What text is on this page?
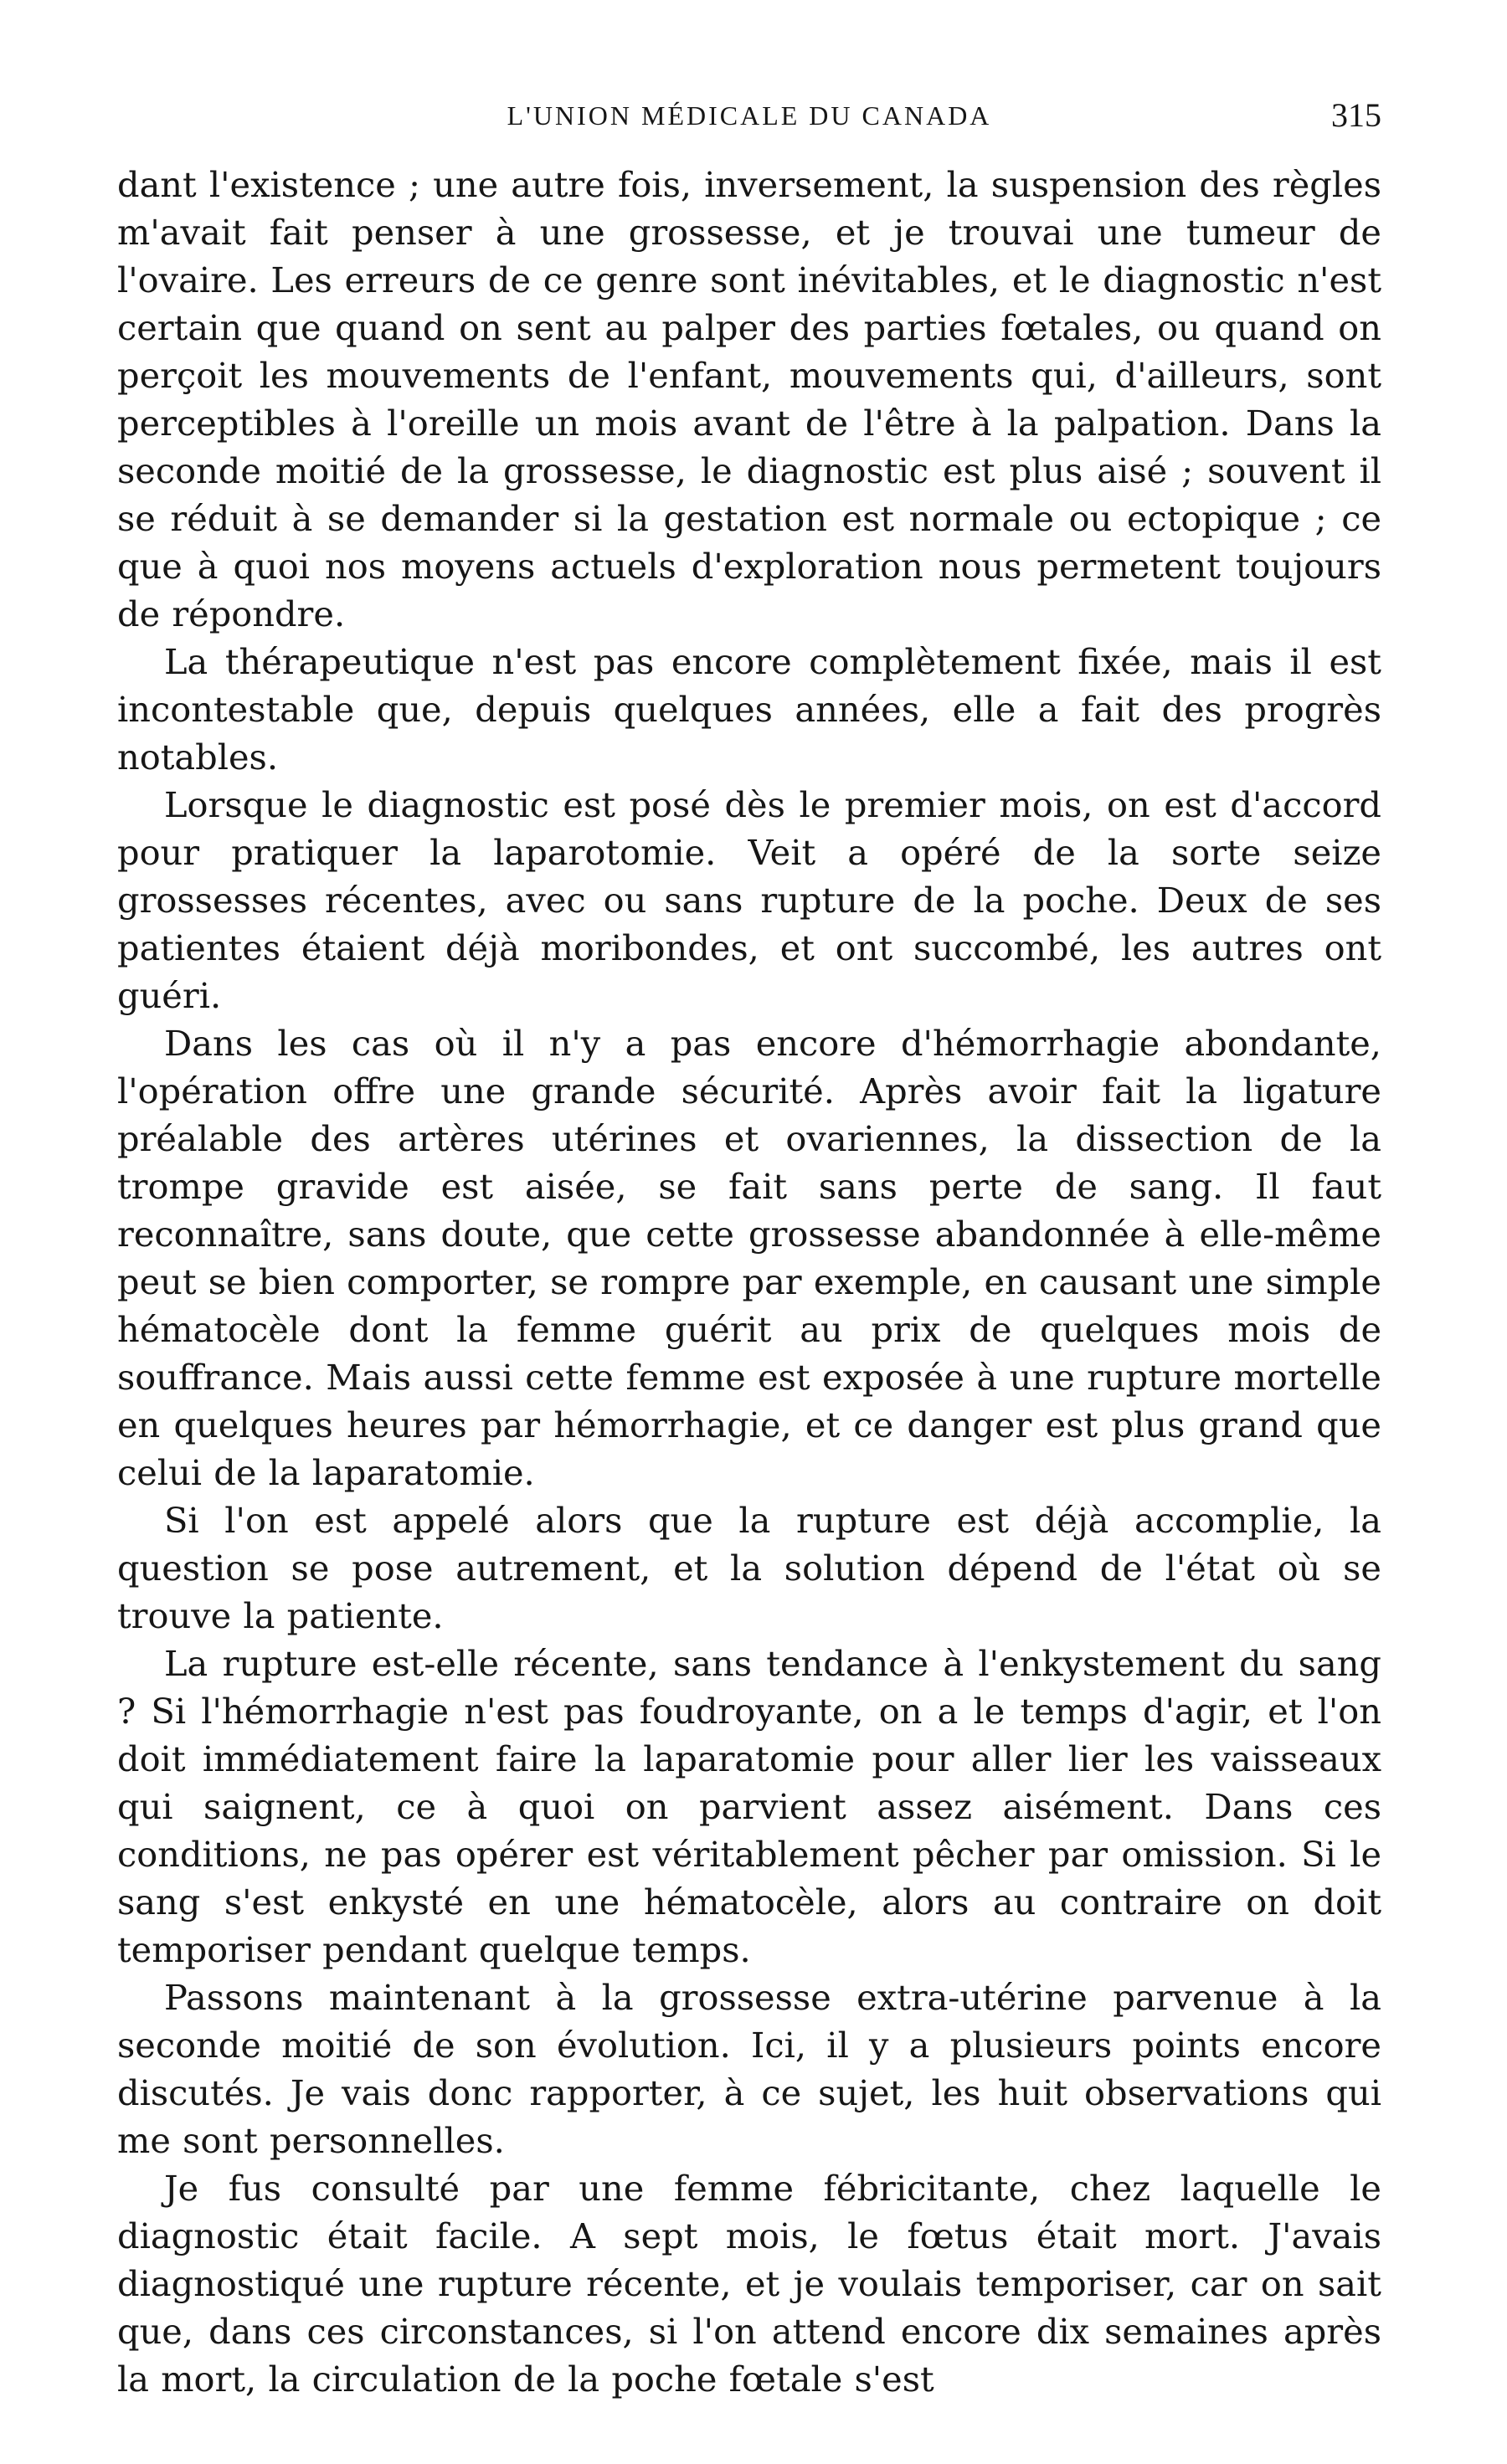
L'UNION MÉDICALE DU CANADA	315

dant l'existence ; une autre fois, inversement, la suspension des règles m'avait fait penser à une grossesse, et je trouvai une tumeur de l'ovaire. Les erreurs de ce genre sont inévitables, et le diagnostic n'est certain que quand on sent au palper des parties fœtales, ou quand on perçoit les mouvements de l'enfant, mouvements qui, d'ailleurs, sont perceptibles à l'oreille un mois avant de l'être à la palpation. Dans la seconde moitié de la grossesse, le diagnostic est plus aisé ; souvent il se réduit à se demander si la gestation est normale ou ectopique ; ce que à quoi nos moyens actuels d'exploration nous permetent toujours de répondre.

La thérapeutique n'est pas encore complètement fixée, mais il est incontestable que, depuis quelques années, elle a fait des progrès notables.

Lorsque le diagnostic est posé dès le premier mois, on est d'accord pour pratiquer la laparotomie. Veit a opéré de la sorte seize grossesses récentes, avec ou sans rupture de la poche. Deux de ses patientes étaient déjà moribondes, et ont succombé, les autres ont guéri.

Dans les cas où il n'y a pas encore d'hémorrhagie abondante, l'opération offre une grande sécurité. Après avoir fait la ligature préalable des artères utérines et ovariennes, la dissection de la trompe gravide est aisée, se fait sans perte de sang. Il faut reconnaître, sans doute, que cette grossesse abandonnée à elle-même peut se bien comporter, se rompre par exemple, en causant une simple hématocèle dont la femme guérit au prix de quelques mois de souffrance. Mais aussi cette femme est exposée à une rupture mortelle en quelques heures par hémorrhagie, et ce danger est plus grand que celui de la laparatomie.

Si l'on est appelé alors que la rupture est déjà accomplie, la question se pose autrement, et la solution dépend de l'état où se trouve la patiente.

La rupture est-elle récente, sans tendance à l'enkystement du sang ? Si l'hémorrhagie n'est pas foudroyante, on a le temps d'agir, et l'on doit immédiatement faire la laparatomie pour aller lier les vaisseaux qui saignent, ce à quoi on parvient assez aisément. Dans ces conditions, ne pas opérer est véritablement pêcher par omission. Si le sang s'est enkysté en une hématocèle, alors au contraire on doit temporiser pendant quelque temps.

Passons maintenant à la grossesse extra-utérine parvenue à la seconde moitié de son évolution. Ici, il y a plusieurs points encore discutés. Je vais donc rapporter, à ce sujet, les huit observations qui me sont personnelles.

Je fus consulté par une femme fébricitante, chez laquelle le diagnostic était facile. A sept mois, le fœtus était mort. J'avais diagnostiqué une rupture récente, et je voulais temporiser, car on sait que, dans ces circonstances, si l'on attend encore dix semaines après la mort, la circulation de la poche fœtale s'est
